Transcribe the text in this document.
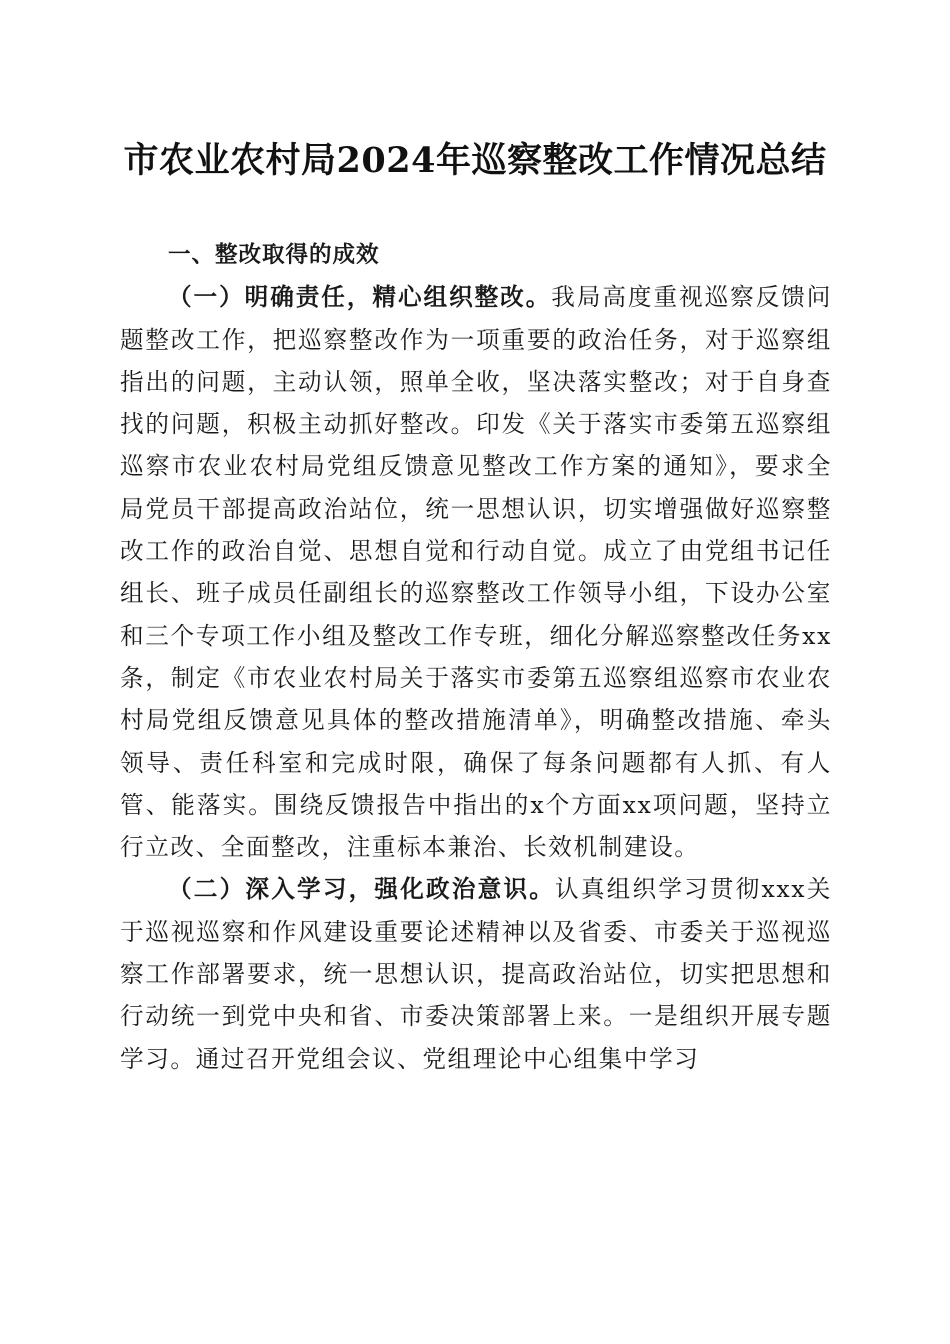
市农业农村局2024年巡察整改工作情况总结

一、整改取得的成效

（一）明确责任，精心组织整改。我局高度重视巡察反馈问题整改工作，把巡察整改作为一项重要的政治任务，对于巡察组指出的问题，主动认领，照单全收，坚决落实整改；对于自身查找的问题，积极主动抓好整改。印发《关于落实市委第五巡察组巡察市农业农村局党组反馈意见整改工作方案的通知》，要求全局党员干部提高政治站位，统一思想认识，切实增强做好巡察整改工作的政治自觉、思想自觉和行动自觉。成立了由党组书记任组长、班子成员任副组长的巡察整改工作领导小组，下设办公室和三个专项工作小组及整改工作专班，细化分解巡察整改任务xx条，制定《市农业农村局关于落实市委第五巡察组巡察市农业农村局党组反馈意见具体的整改措施清单》，明确整改措施、牵头领导、责任科室和完成时限，确保了每条问题都有人抓、有人管、能落实。围绕反馈报告中指出的x个方面xx项问题，坚持立行立改、全面整改，注重标本兼治、长效机制建设。

（二）深入学习，强化政治意识。认真组织学习贯彻xxx关于巡视巡察和作风建设重要论述精神以及省委、市委关于巡视巡察工作部署要求，统一思想认识，提高政治站位，切实把思想和行动统一到党中央和省、市委决策部署上来。一是组织开展专题学习。通过召开党组会议、党组理论中心组集中学习
